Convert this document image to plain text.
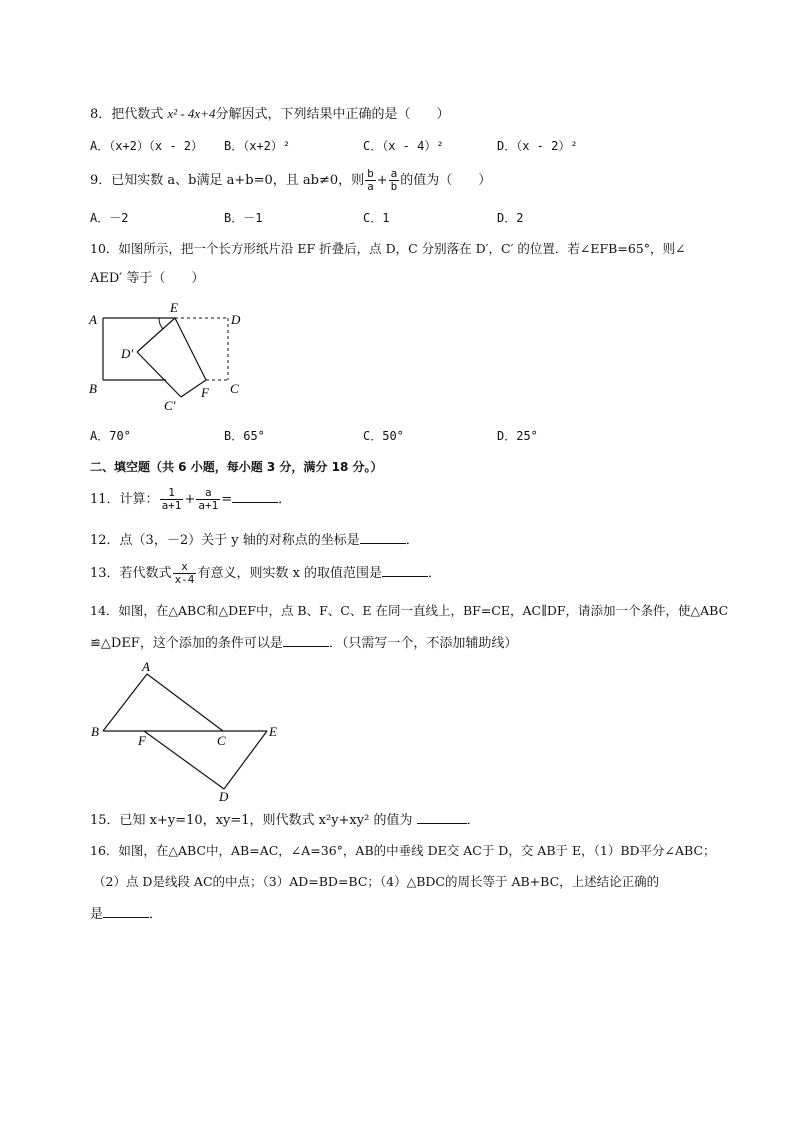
8．把代数式 x² - 4x+4分解因式，下列结果中正确的是（　　）
A．（x+2）（x - 2） B．（x+2）²	C．（x - 4）²	D．（x - 2）²
9．已知实数 a、b满足 a+b=0，且 ab≠0，则 $\frac{b}{a} + \frac{a}{b}$ 的值为（　　）
A．－2	B．－1	C．1	D．2
10．如图所示，把一个长方形纸片沿 EF 折叠后，点 D，C 分别落在 D′，C′ 的位置．若∠EFB=65°，则∠
AED′ 等于（　　）
A
E
D
D′
B	C
F
C′
A．70°	B．65°	C．50°	D．25°
二、填空题（共 6 小题，每小题 3 分，满分 18 分。）
11．计算： $\frac{1}{a+1} + \frac{a}{a+1}$ =	．
12．点（3，－2）关于 y 轴的对称点的坐标是	．
13．若代数式 $\frac{x}{x-4}$ 有意义，则实数 x 的取值范围是	．
14．如图，在△ABC和△DEF中，点 B、F、C、E 在同一直线上，BF=CE，AC∥DF，请添加一个条件，使△ABC
≌△DEF，这个添加的条件可以是	．（只需写一个，不添加辅助线）
A
B
F	C
E
D
15．已知 x+y=10，xy=1，则代数式 x²y+xy² 的值为	．
16．如图，在△ABC中，AB=AC，∠A=36°，AB的中垂线 DE交 AC于 D，交 AB于 E，（1）BD平分∠ABC；
（2）点 D是线段 AC的中点；（3）AD=BD=BC；（4）△BDC的周长等于 AB+BC，上述结论正确的
是	．
